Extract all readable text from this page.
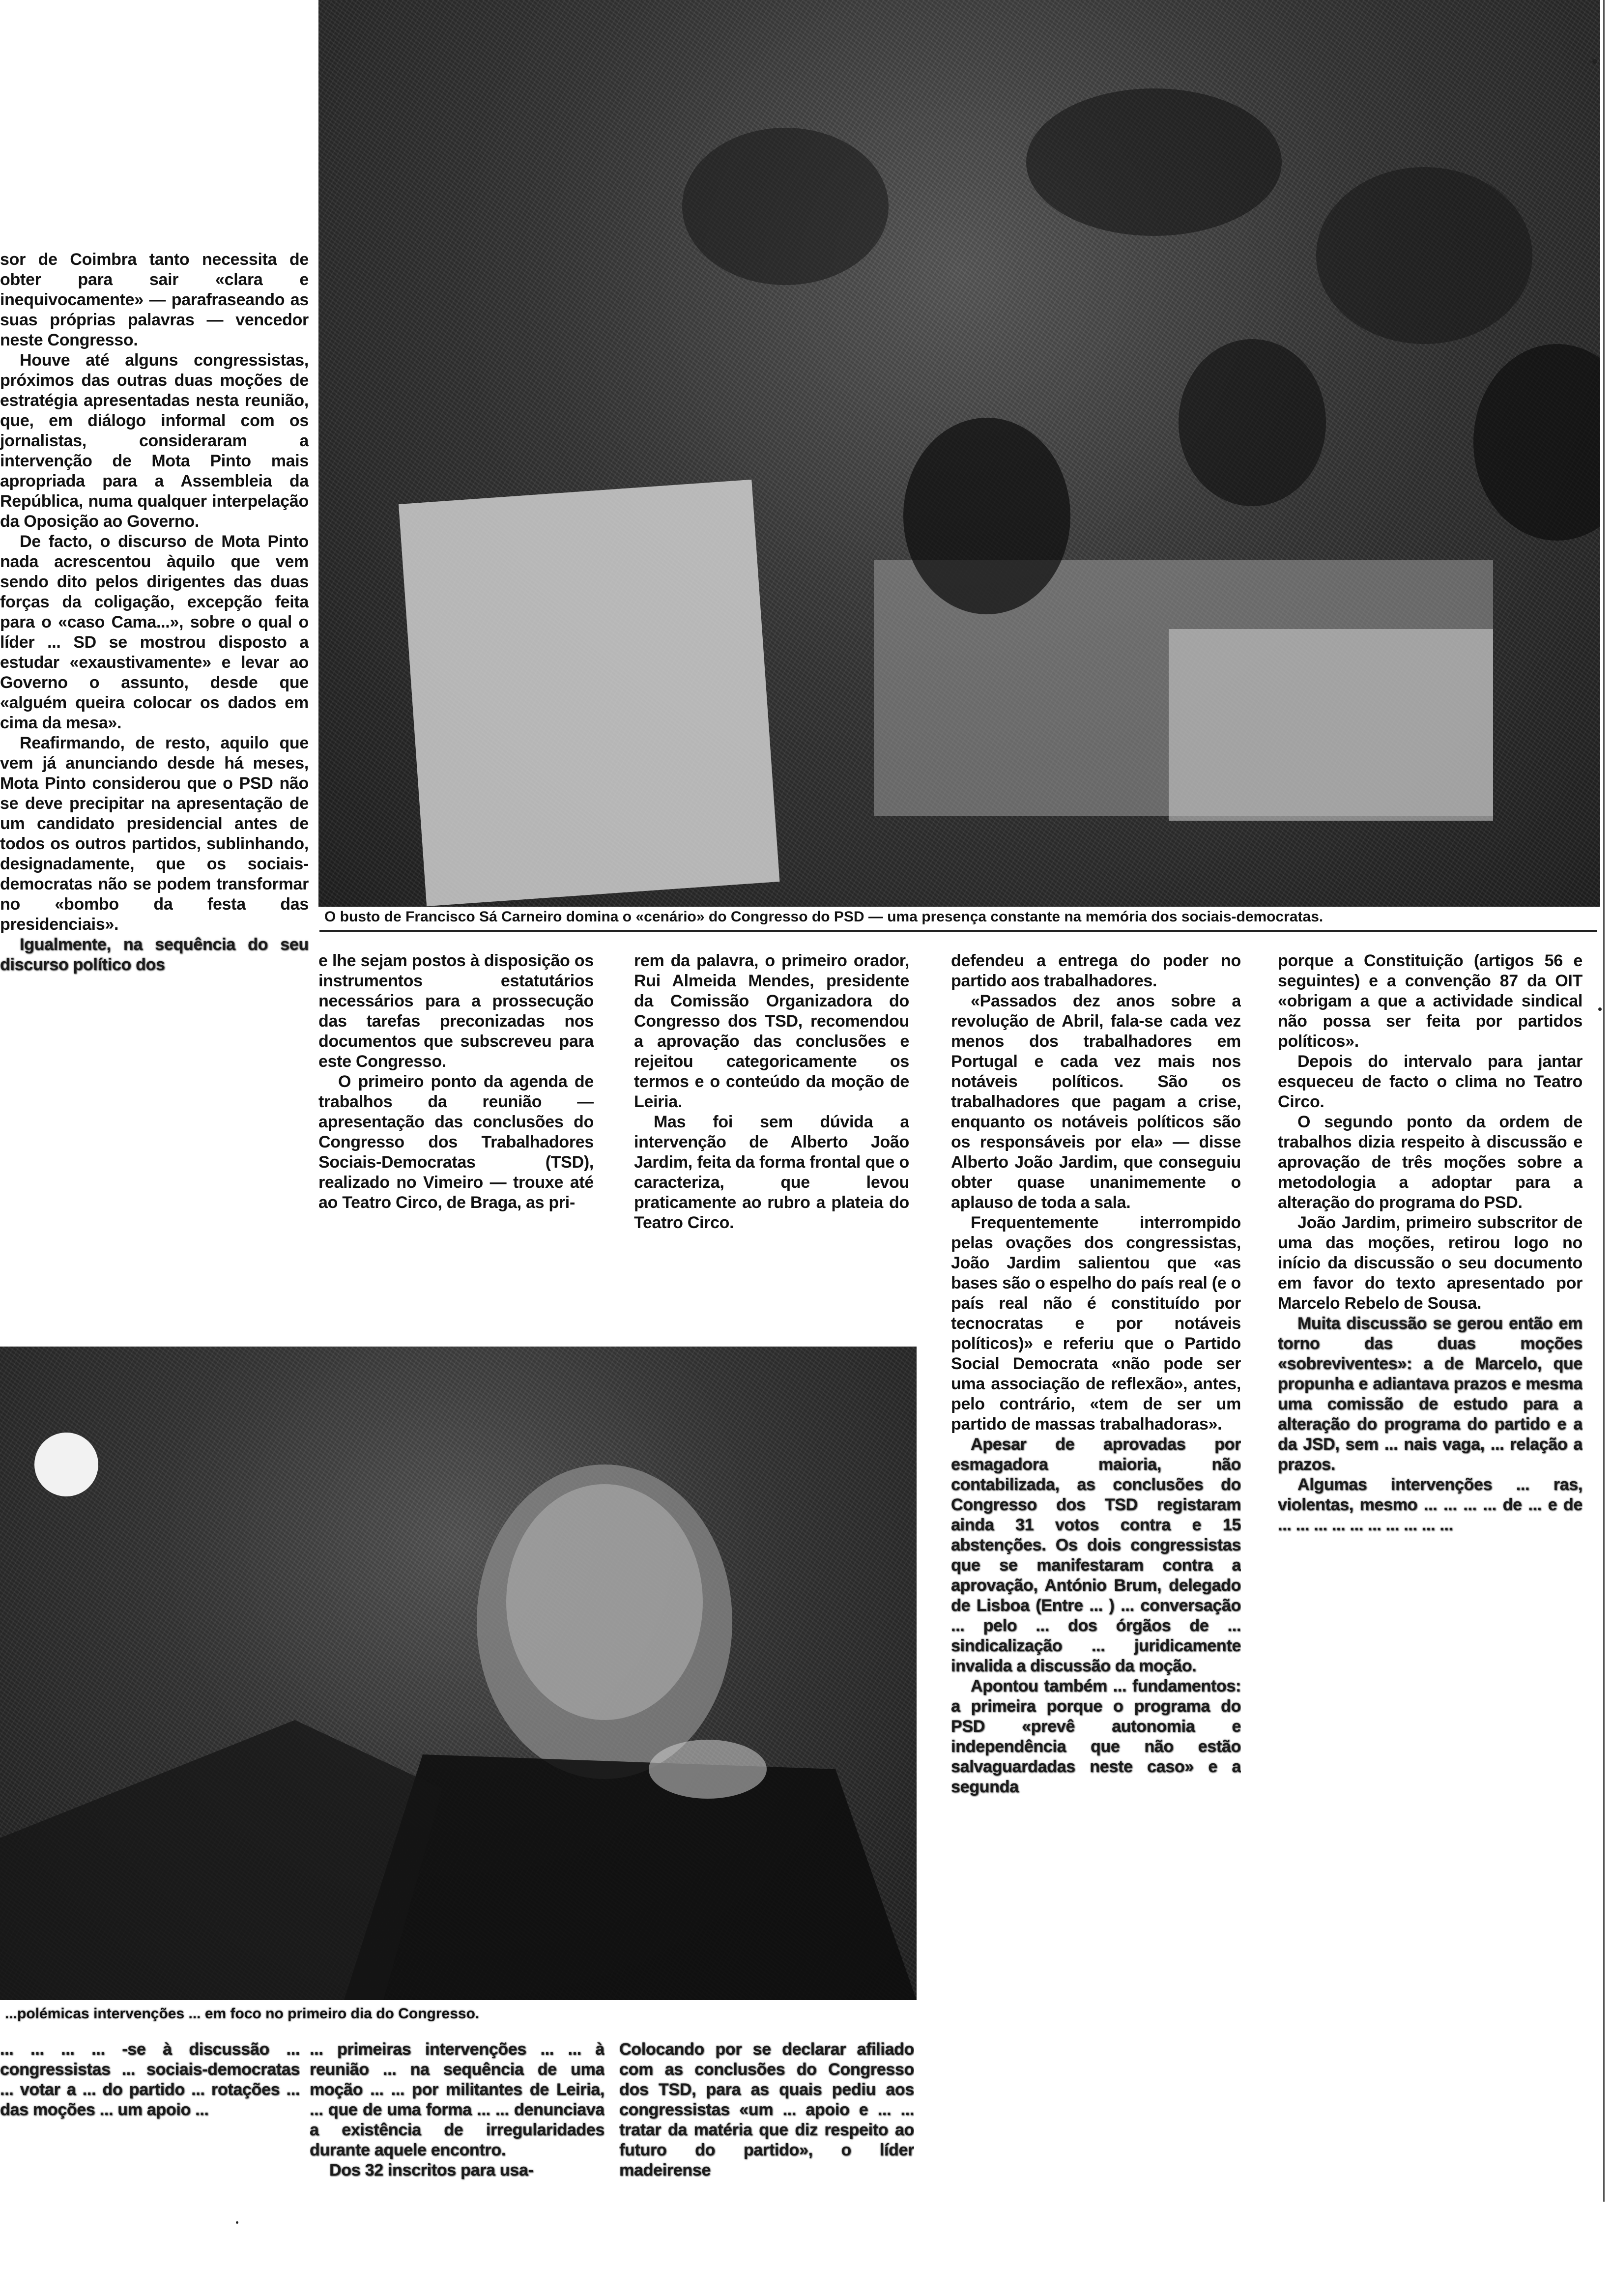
O busto de Francisco Sá Carneiro domina o «cenário» do Congresso do PSD — uma presença constante na memória dos sociais-democratas.
...polémicas intervenções ... em foco no primeiro dia do Congresso.

sor de Coimbra tanto necessita de obter para sair «clara e inequivocamente» — parafraseando as suas próprias palavras — vencedor neste Congresso.

Houve até alguns congressistas, próximos das outras duas moções de estratégia apresentadas nesta reunião, que, em diálogo informal com os jornalistas, consideraram a intervenção de Mota Pinto mais apropriada para a Assembleia da República, numa qualquer interpelação da Oposição ao Governo.

De facto, o discurso de Mota Pinto nada acrescentou àquilo que vem sendo dito pelos dirigentes das duas forças da coligação, excepção feita para o «caso Cama...», sobre o qual o líder ... SD se mostrou disposto a estudar «exaustivamente» e levar ao Governo o assunto, desde que «alguém queira colocar os dados em cima da mesa».

Reafirmando, de resto, aquilo que vem já anunciando desde há meses, Mota Pinto considerou que o PSD não se deve precipitar na apresentação de um candidato presidencial antes de todos os outros partidos, sublinhando, designadamente, que os sociais-democratas não se podem transformar no «bombo da festa das presidenciais».

Igualmente, na sequência do seu discurso político dos	e lhe sejam postos à disposição os instrumentos estatutários necessários para a prossecução das tarefas preconizadas nos documentos que subscreveu para este Congresso.

O primeiro ponto da agenda de trabalhos da reunião — apresentação das conclusões do Congresso dos Trabalhadores Sociais-Democratas (TSD), realizado no Vimeiro — trouxe até ao Teatro Circo, de Braga, as pri-

rem da palavra, o primeiro orador, Rui Almeida Mendes, presidente da Comissão Organizadora do Congresso dos TSD, recomendou a aprovação das conclusões e rejeitou categoricamente os termos e o conteúdo da moção de Leiria.

Mas foi sem dúvida a intervenção de Alberto João Jardim, feita da forma frontal que o caracteriza, que levou praticamente ao rubro a plateia do Teatro Circo.

defendeu a entrega do poder no partido aos trabalhadores.

«Passados dez anos sobre a revolução de Abril, fala-se cada vez menos dos trabalhadores em Portugal e cada vez mais nos notáveis políticos. São os trabalhadores que pagam a crise, enquanto os notáveis políticos são os responsáveis por ela» — disse Alberto João Jardim, que conseguiu obter quase unanimemente o aplauso de toda a sala.

Frequentemente interrompido pelas ovações dos congressistas, João Jardim salientou que «as bases são o espelho do país real (e o país real não é constituído por tecnocratas e por notáveis políticos)» e referiu que o Partido Social Democrata «não pode ser uma associação de reflexão», antes, pelo contrário, «tem de ser um partido de massas trabalhadoras».

Apesar de aprovadas por esmagadora maioria, não contabilizada, as conclusões do Congresso dos TSD registaram ainda 31 votos contra e 15 abstenções. Os dois congressistas que se manifestaram contra a aprovação, António Brum, delegado de Lisboa (Entre ... ) ... conversação ... pelo ... dos órgãos de ... sindicalização ... juridicamente invalida a discussão da moção.

Apontou também ... fundamentos: a primeira porque o programa do PSD «prevê autonomia e independência que não estão salvaguardadas neste caso» e a segunda

porque a Constituição (artigos 56 e seguintes) e a convenção 87 da OIT «obrigam a que a actividade sindical não possa ser feita por partidos políticos».

Depois do intervalo para jantar esqueceu de facto o clima no Teatro Circo.

O segundo ponto da ordem de trabalhos dizia respeito à discussão e aprovação de três moções sobre a metodologia a adoptar para a alteração do programa do PSD.

João Jardim, primeiro subscritor de uma das moções, retirou logo no início da discussão o seu documento em favor do texto apresentado por Marcelo Rebelo de Sousa.

Muita discussão se gerou então em torno das duas moções «sobreviventes»: a de Marcelo, que propunha e adiantava prazos e mesma uma comissão de estudo para a alteração do programa do partido e a da JSD, sem ... nais vaga, ... relação a prazos.

Algumas intervenções ... ras, violentas, mesmo ... ... ... ... de ... e de ... ... ... ... ... ... ... ... ... ...

... ... ... ... -se à discussão ... congressistas ... sociais-democratas ... votar a ... do partido ... rotações ... das moções ... um apoio ...

... primeiras intervenções ... ... à reunião ... na sequência de uma moção ... ... por militantes de Leiria, ... que de uma forma ... ... denunciava a existência de irregularidades durante aquele encontro.

Dos 32 inscritos para usa-

Colocando por se declarar afiliado com as conclusões do Congresso dos TSD, para as quais pediu aos congressistas «um ... apoio e ... ... tratar da matéria que diz respeito ao futuro do partido», o líder madeirense
